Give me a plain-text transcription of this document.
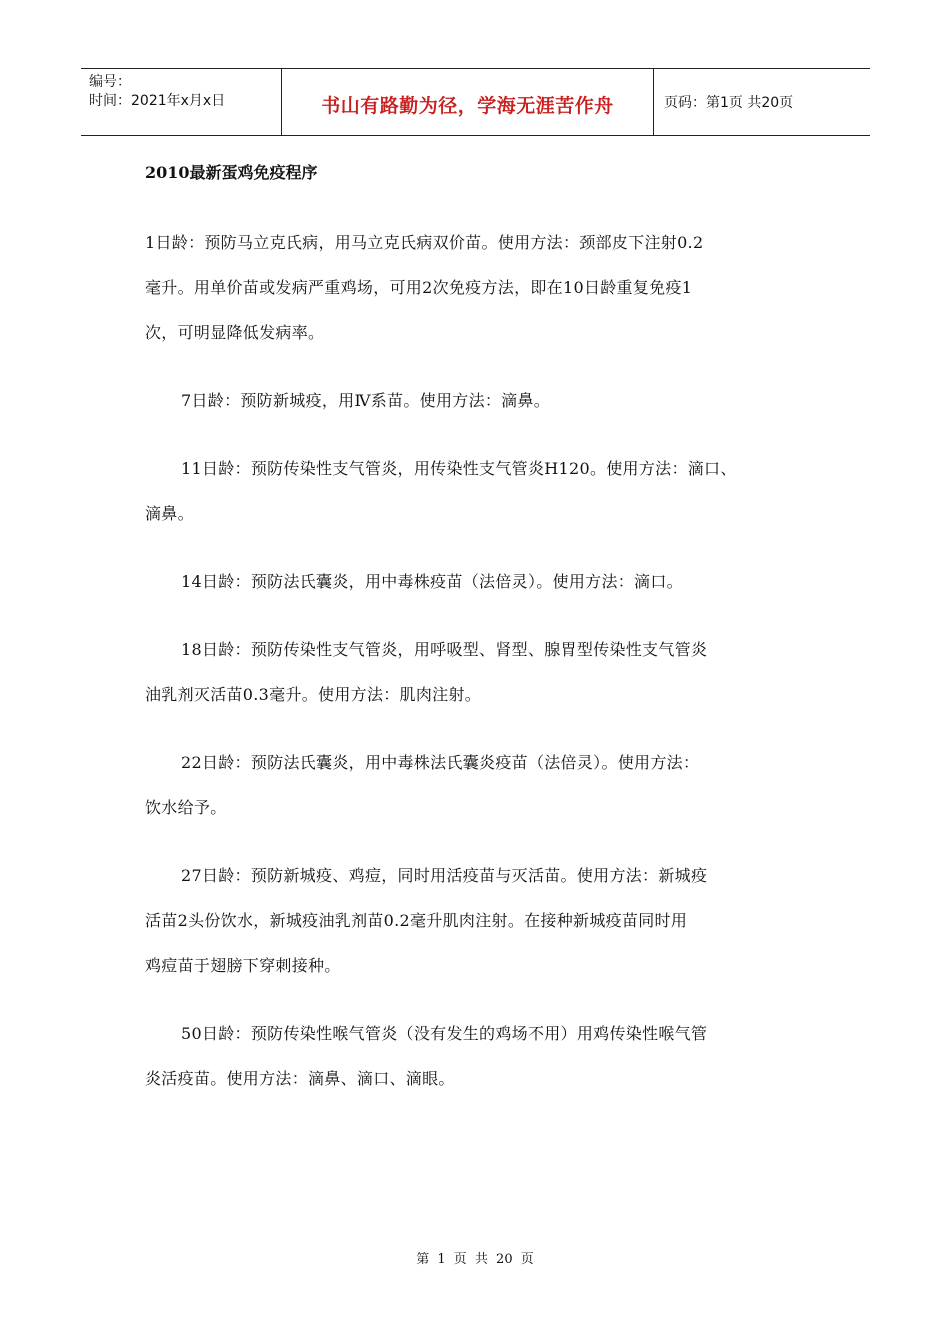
编号：
时间：2021年x月x日	书山有路勤为径，学海无涯苦作舟	页码：第1页 共20页
2010最新蛋鸡免疫程序
1日龄：预防马立克氏病，用马立克氏病双价苗。使用方法：颈部皮下注射0.2
毫升。用单价苗或发病严重鸡场，可用2次免疫方法，即在10日龄重复免疫1
次，可明显降低发病率。
7日龄：预防新城疫，用Ⅳ系苗。使用方法：滴鼻。
11日龄：预防传染性支气管炎，用传染性支气管炎H120。使用方法：滴口、
滴鼻。
14日龄：预防法氏囊炎，用中毒株疫苗（法倍灵）。使用方法：滴口。
18日龄：预防传染性支气管炎，用呼吸型、肾型、腺胃型传染性支气管炎
油乳剂灭活苗0.3毫升。使用方法：肌肉注射。
22日龄：预防法氏囊炎，用中毒株法氏囊炎疫苗（法倍灵）。使用方法：
饮水给予。
27日龄：预防新城疫、鸡痘，同时用活疫苗与灭活苗。使用方法：新城疫
活苗2头份饮水，新城疫油乳剂苗0.2毫升肌肉注射。在接种新城疫苗同时用
鸡痘苗于翅膀下穿刺接种。
50日龄：预防传染性喉气管炎（没有发生的鸡场不用）用鸡传染性喉气管
炎活疫苗。使用方法：滴鼻、滴口、滴眼。
第 1 页 共 20 页
